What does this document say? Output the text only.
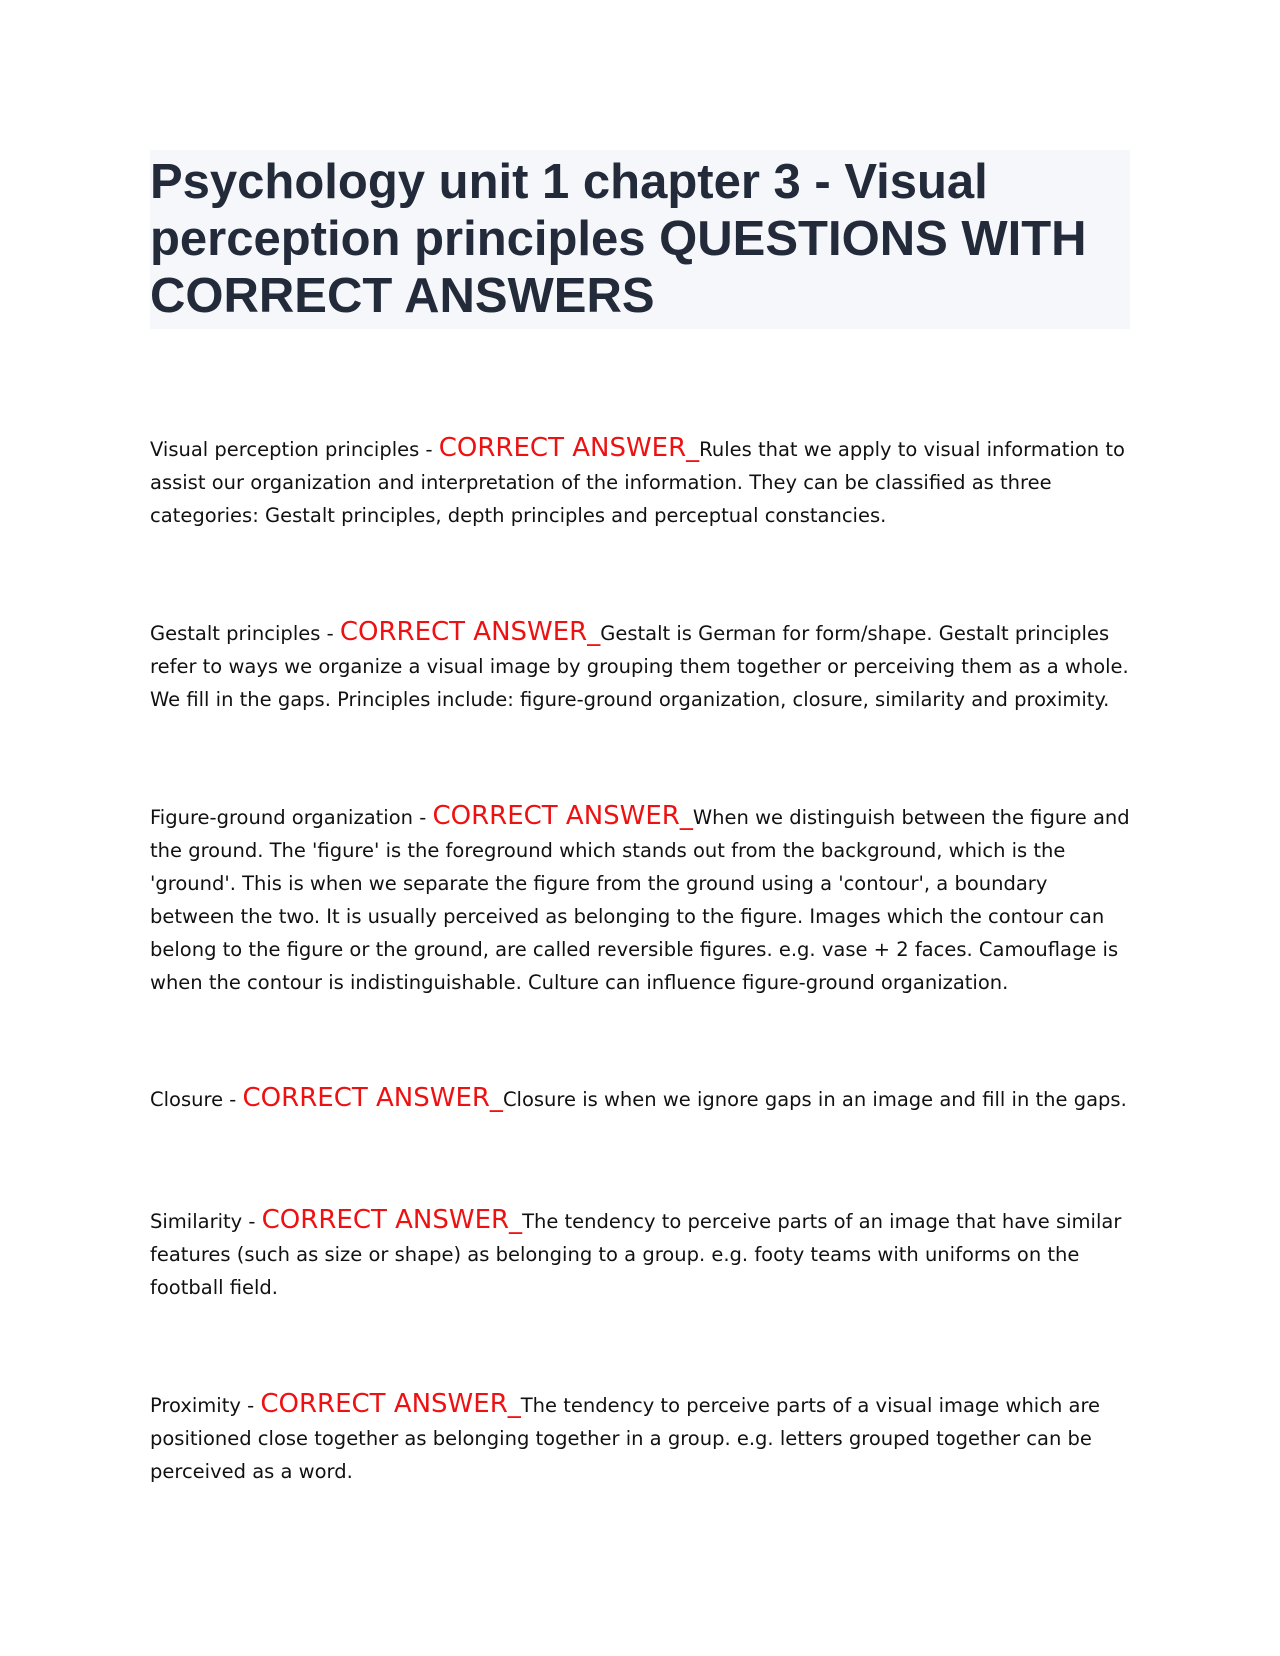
Psychology unit 1 chapter 3 - Visual perception principles QUESTIONS WITH CORRECT ANSWERS

Visual perception principles - CORRECT ANSWER_Rules that we apply to visual information to assist our organization and interpretation of the information. They can be classified as three categories: Gestalt principles, depth principles and perceptual constancies.

Gestalt principles - CORRECT ANSWER_Gestalt is German for form/shape. Gestalt principles refer to ways we organize a visual image by grouping them together or perceiving them as a whole. We fill in the gaps. Principles include: figure-ground organization, closure, similarity and proximity.

Figure-ground organization - CORRECT ANSWER_When we distinguish between the figure and the ground. The 'figure' is the foreground which stands out from the background, which is the 'ground'. This is when we separate the figure from the ground using a 'contour', a boundary between the two. It is usually perceived as belonging to the figure. Images which the contour can belong to the figure or the ground, are called reversible figures. e.g. vase + 2 faces. Camouflage is when the contour is indistinguishable. Culture can influence figure-ground organization.

Closure - CORRECT ANSWER_Closure is when we ignore gaps in an image and fill in the gaps.

Similarity - CORRECT ANSWER_The tendency to perceive parts of an image that have similar features (such as size or shape) as belonging to a group. e.g. footy teams with uniforms on the football field.

Proximity - CORRECT ANSWER_The tendency to perceive parts of a visual image which are positioned close together as belonging together in a group. e.g. letters grouped together can be perceived as a word.
